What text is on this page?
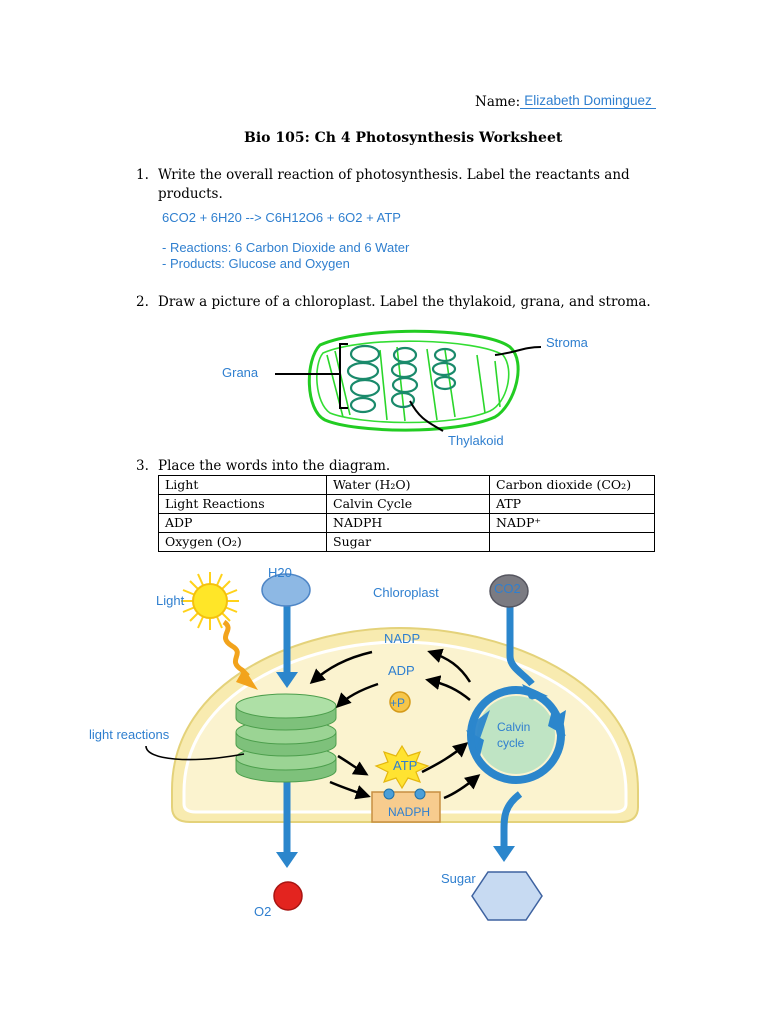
Name: Elizabeth Dominguez
Bio 105: Ch 4 Photosynthesis Worksheet
1. Write the overall reaction of photosynthesis. Label the reactants and
products.
6CO2 + 6H20 --> C6H12O6 + 6O2 + ATP
- Reactions: 6 Carbon Dioxide and 6 Water
- Products: Glucose and Oxygen
2. Draw a picture of a chloroplast. Label the thylakoid, grana, and stroma.
Grana
Stroma
Thylakoid
3. Place the words into the diagram.
Light	Water (H₂O)	Carbon dioxide (CO₂)
Light Reactions	Calvin Cycle	ATP
ADP	NADPH	NADP⁺
Oxygen (O₂)	Sugar	
H20
Chloroplast	CO2
Light
NADP
ADP
+P
Calvin
cycle
light reactions
ATP
NADPH
Sugar
O2
